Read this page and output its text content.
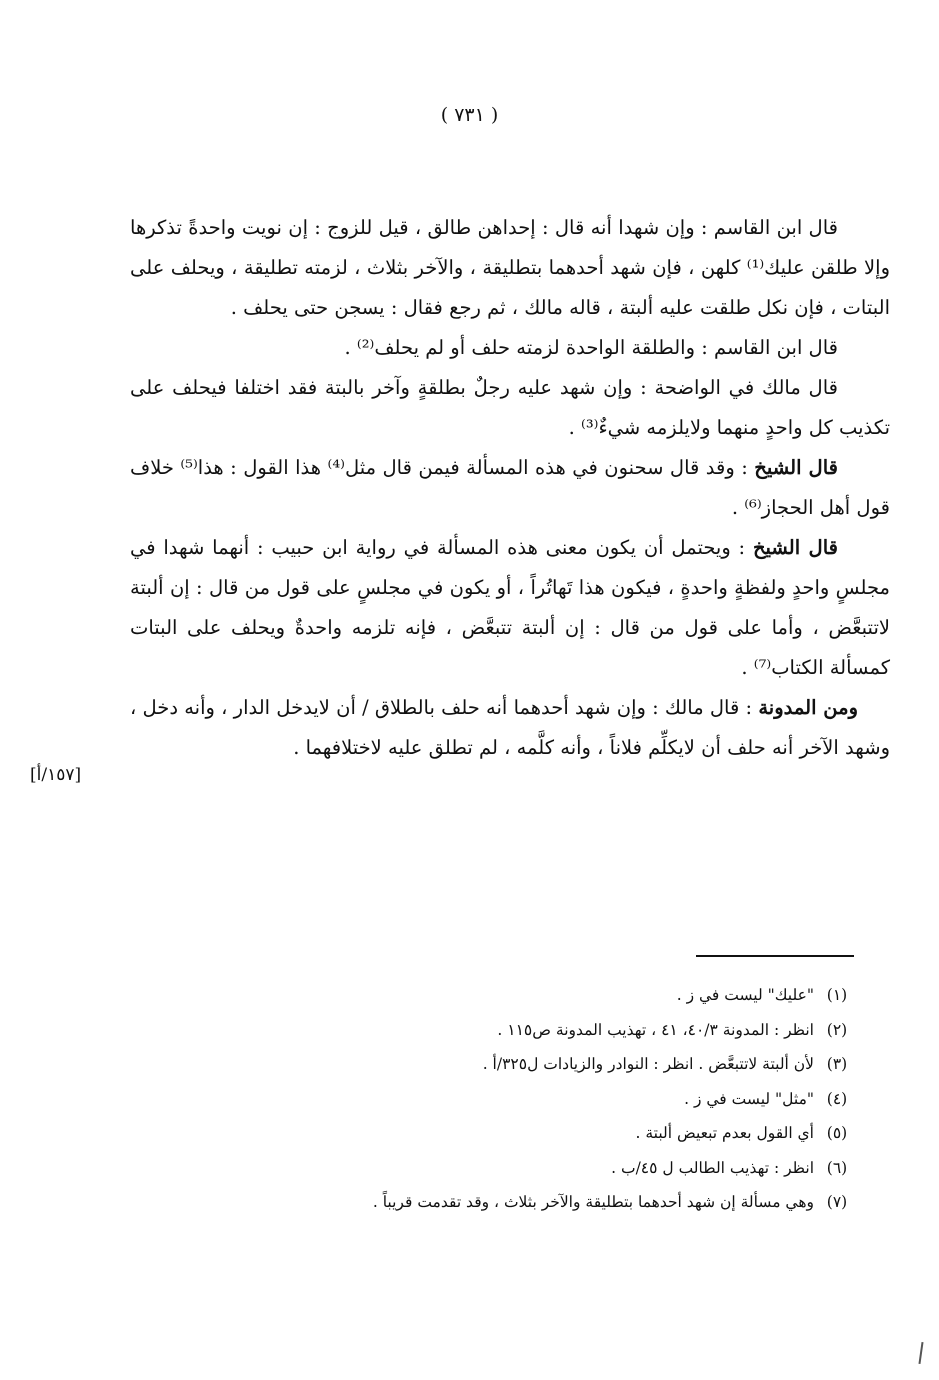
( ٧٣١ )

قال ابن القاسم : وإن شهدا أنه قال : إحداهن طالق ، قيل للزوج : إن نويت واحدةً تذكرها وإلا طلقن عليك⁽¹⁾ كلهن ، فإن شهد أحدهما بتطليقة ، والآخر بثلاث ، لزمته تطليقة ، ويحلف على البتات ، فإن نكل طلقت عليه ألبتة ، قاله مالك ، ثم رجع فقال : يسجن حتى يحلف .

قال ابن القاسم : والطلقة الواحدة لزمته حلف أو لم يحلف⁽²⁾ .

قال مالك في الواضحة : وإن شهد عليه رجلٌ بطلقةٍ وآخر بالبتة فقد اختلفا فيحلف على تكذيب كل واحدٍ منهما ولايلزمه شيءٌ⁽³⁾ .

قال الشيخ : وقد قال سحنون في هذه المسألة فيمن قال مثل⁽⁴⁾ هذا القول : هذا⁽⁵⁾ خلاف قول أهل الحجاز⁽⁶⁾ .

قال الشيخ : ويحتمل أن يكون معنى هذه المسألة في رواية ابن حبيب : أنهما شهدا في مجلسٍ واحدٍ ولفظةٍ واحدةٍ ، فيكون هذا تَهاتُراً ، أو يكون في مجلسٍ على قول من قال : إن ألبتة لاتتبعَّض ، وأما على قول من قال : إن ألبتة تتبعَّض ، فإنه تلزمه واحدةٌ ويحلف على البتات كمسألة الكتاب⁽⁷⁾ .

ومن المدونة : قال مالك : وإن شهد أحدهما أنه حلف بالطلاق / أن لايدخل الدار ، وأنه دخل ، وشهد الآخر أنه حلف أن لايكلِّم فلاناً ، وأنه كلَّمه ، لم تطلق عليه لاختلافهما .

[١٥٧/أ]
(١)
"عليك" ليست في ز .
(٢)
انظر : المدونة ٤٠/٣، ٤١ ، تهذيب المدونة ص١١٥ .
(٣)
لأن ألبتة لاتتبعَّض . انظر : النوادر والزيادات ل٣٢٥/أ .
(٤)
"مثل" ليست في ز .
(٥)
أي القول بعدم تبعيض ألبتة .
(٦)
انظر : تهذيب الطالب ل ٤٥/ب .
(٧)
وهي مسألة إن شهد أحدهما بتطليقة والآخر بثلاث ، وقد تقدمت قريباً .
